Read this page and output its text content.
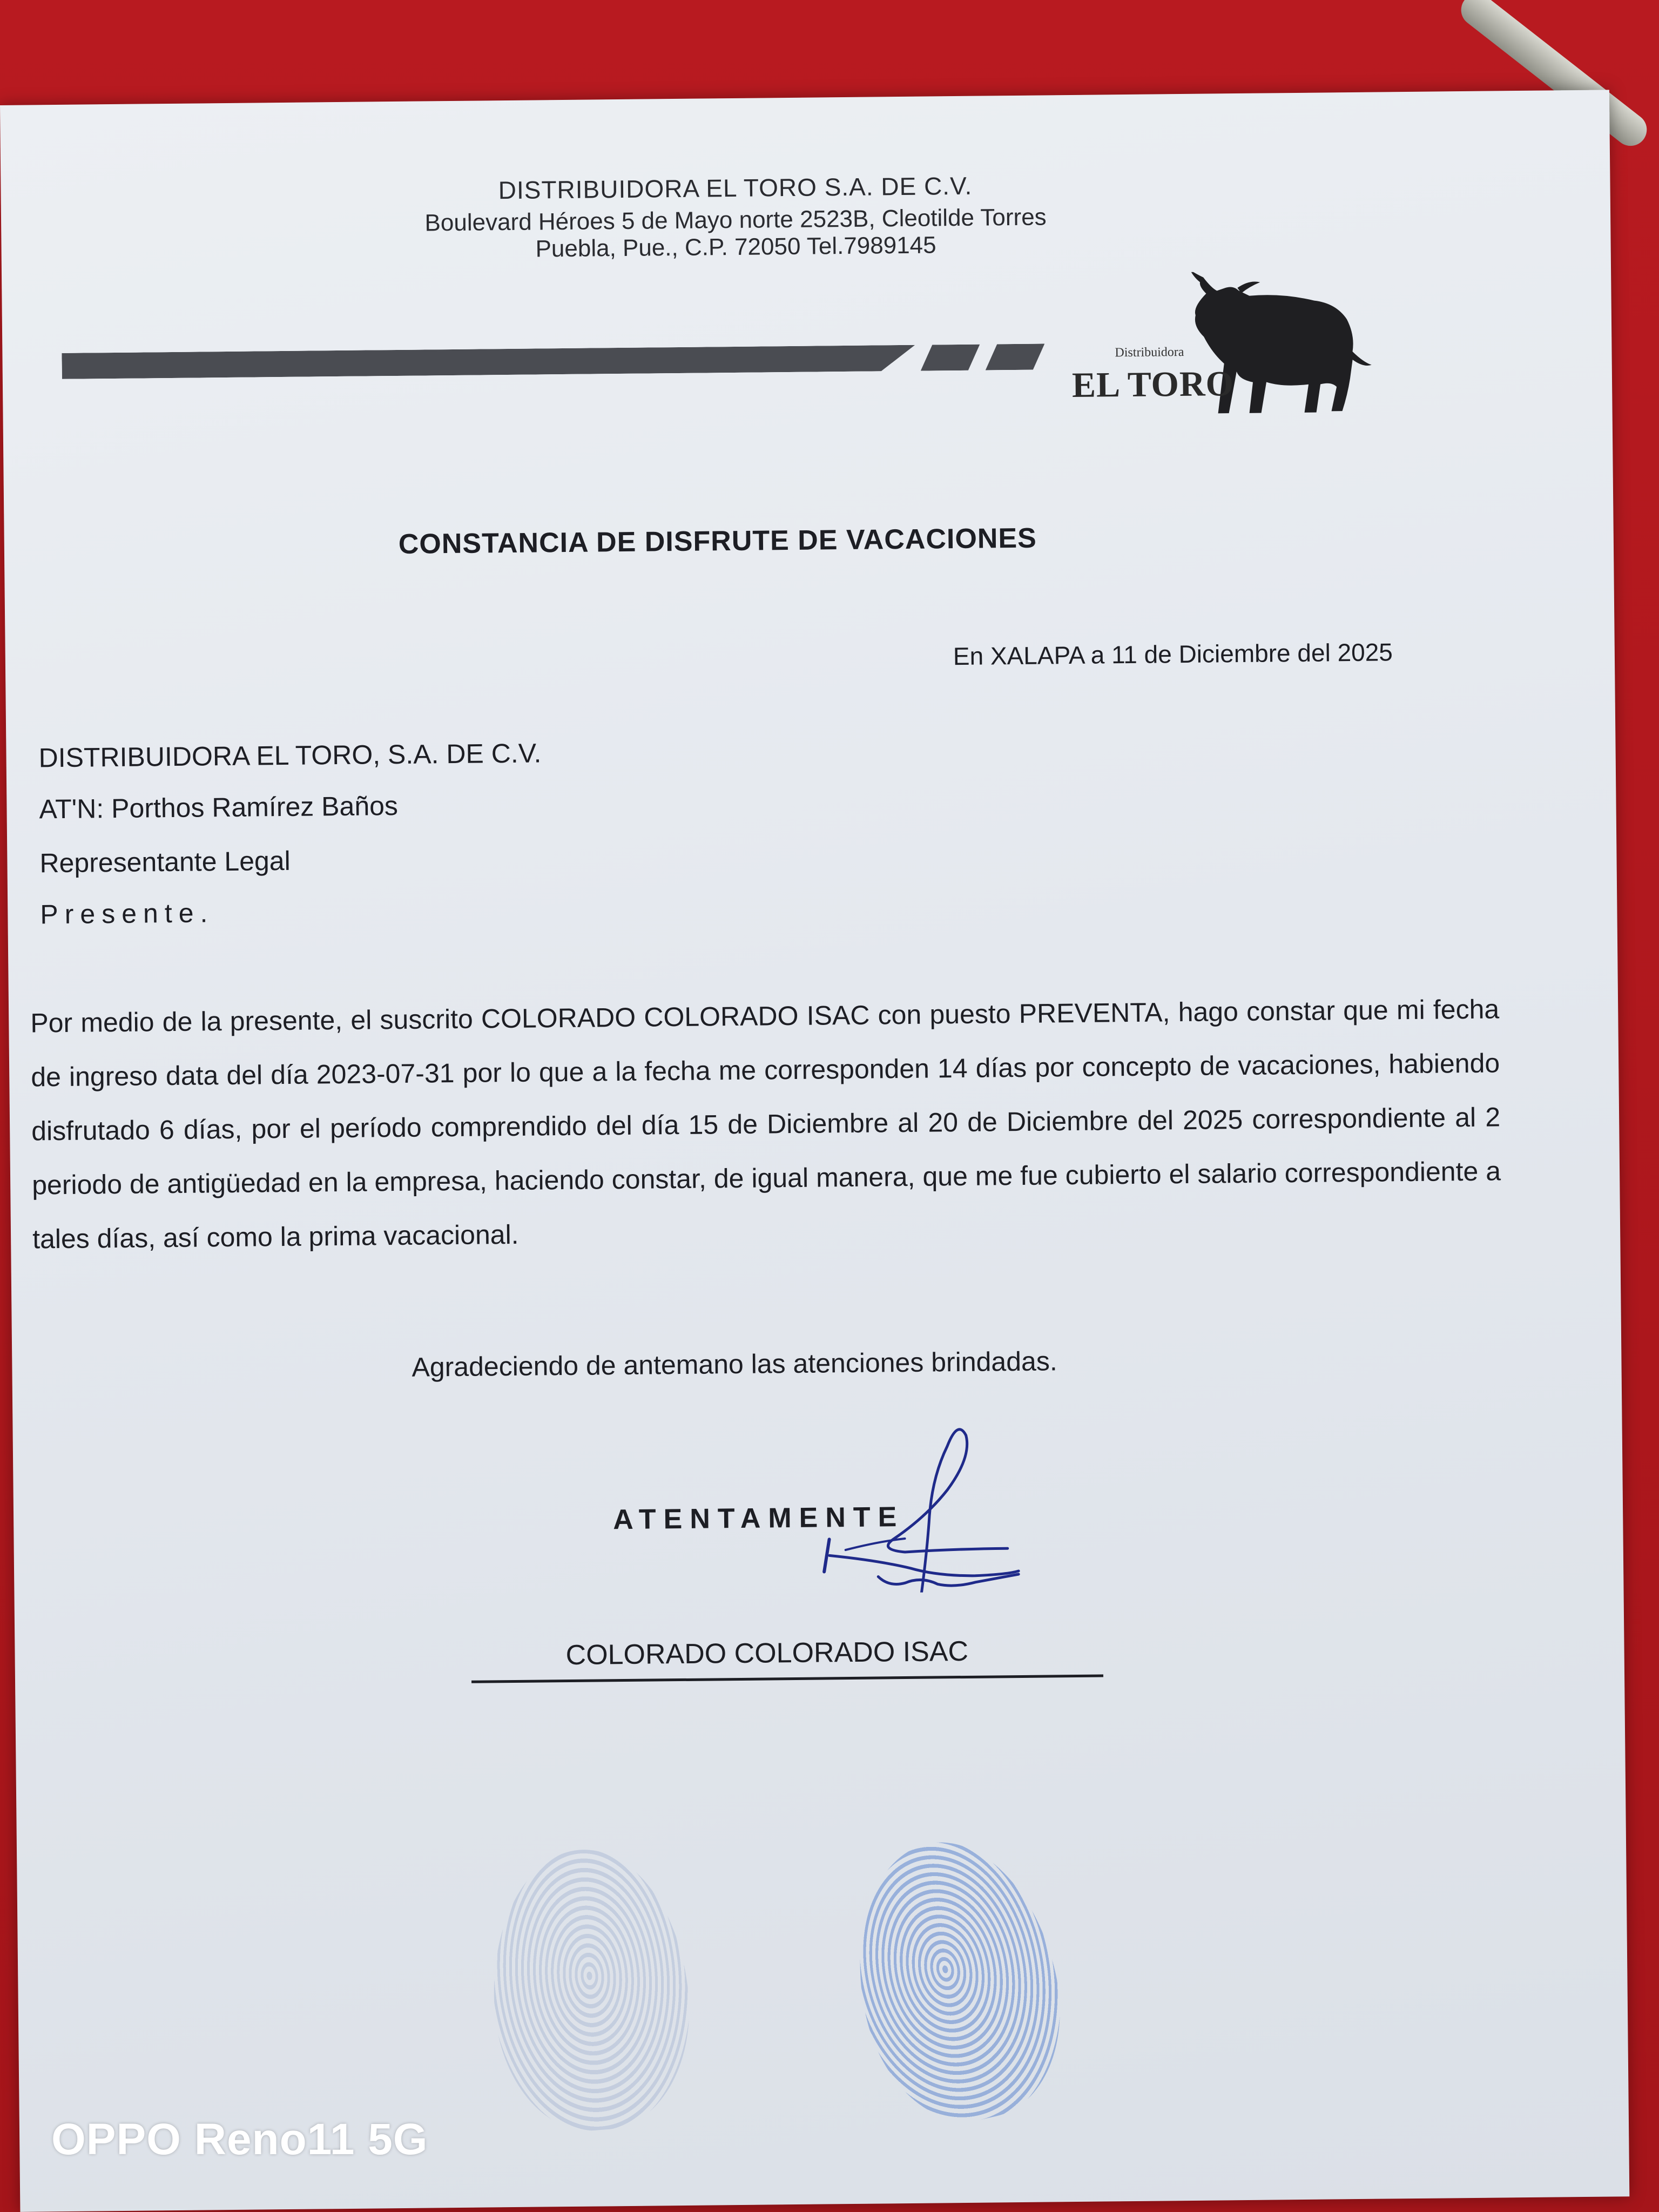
DISTRIBUIDORA EL TORO S.A. DE C.V.
Boulevard Héroes 5 de Mayo norte 2523B, Cleotilde Torres
Puebla, Pue., C.P. 72050 Tel.7989145
Distribuidora
EL TORO
CONSTANCIA DE DISFRUTE DE VACACIONES
En XALAPA a 11 de Diciembre del 2025
DISTRIBUIDORA EL TORO, S.A. DE C.V.
AT'N: Porthos Ramírez Baños
Representante Legal
Presente.
Por medio de la presente, el suscrito COLORADO COLORADO ISAC con puesto PREVENTA, hago constar que mi fecha de ingreso data del día 2023-07-31 por lo que a la fecha me corresponden 14 días por concepto de vacaciones, habiendo disfrutado 6 días, por el período comprendido del día 15 de Diciembre al 20 de Diciembre del 2025 correspondiente al 2 periodo de antigüedad en la empresa, haciendo constar, de igual manera, que me fue cubierto el salario correspondiente a tales días, así como la prima vacacional.
Agradeciendo de antemano las atenciones brindadas.
ATENTAMENTE
COLORADO COLORADO ISAC
OPPO Reno11 5G
